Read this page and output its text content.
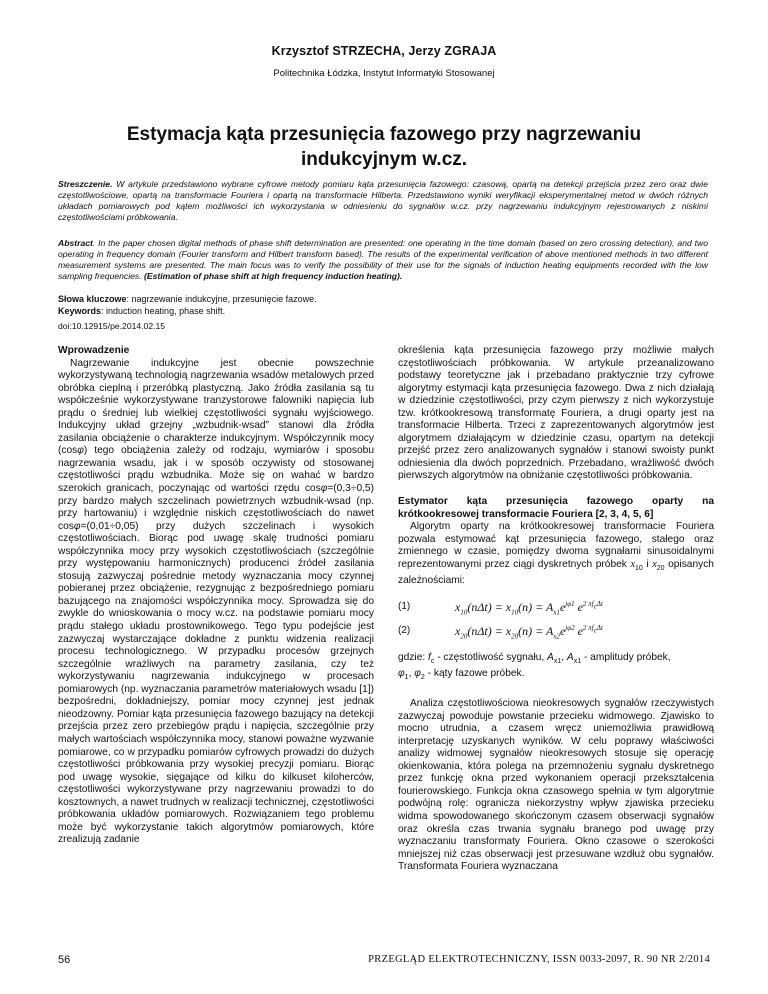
Krzysztof STRZECHA, Jerzy ZGRAJA
Politechnika Łódzka, Instytut Informatyki Stosowanej
Estymacja kąta przesunięcia fazowego przy nagrzewaniu indukcyjnym w.cz.

Streszczenie. W artykule przedstawiono wybrane cyfrowe metody pomiaru kąta przesunięcia fazowego: czasową, opartą na detekcji przejścia przez zero oraz dwie częstotliwościowe, opartą na transformacie Fouriera i opartą na transformacie Hilberta. Przedstawiono wyniki weryfikacji eksperymentalnej metod w dwóch różnych układach pomiarowych pod kątem możliwości ich wykorzystania w odniesieniu do sygnałów w.cz. przy nagrzewaniu indukcyjnym rejestrowanych z niskimi częstotliwościami próbkowania.

Abstract. In the paper chosen digital methods of phase shift determination are presented: one operating in the time domain (based on zero crossing detection), and two operating in frequency domain (Fourier transform and Hilbert transform based). The results of the experimental verification of above mentioned methods in two different measurement systems are presented. The main focus was to verify the possibility of their use for the signals of induction heating equipments recorded with the low sampling frequencies. (Estimation of phase shift at high frequency induction heating).

Słowa kluczowe: nagrzewanie indukcyjne, przesunięcie fazowe.

Keywords: induction heating, phase shift.

doi:10.12915/pe.2014.02.15
Wprowadzenie

Nagrzewanie indukcyjne jest obecnie powszechnie wykorzystywaną technologią nagrzewania wsadów metalowych przed obróbka cieplną i przeróbką plastyczną. Jako źródła zasilania są tu współcześnie wykorzystywane tranzystorowe falowniki napięcia lub prądu o średniej lub wielkiej częstotliwości sygnału wyjściowego. Indukcyjny układ grzejny „wzbudnik-wsad” stanowi dla źródła zasilania obciążenie o charakterze indukcyjnym. Współczynnik mocy (cosφ) tego obciążenia zależy od rodzaju, wymiarów i sposobu nagrzewania wsadu, jak i w sposób oczywisty od stosowanej częstotliwości prądu wzbudnika. Może się on wahać w bardzo szerokich granicach, poczynając od wartości rzędu cosφ=(0,3÷0,5) przy bardzo małych szczelinach powietrznych wzbudnik-wsad (np. przy hartowaniu) i względnie niskich częstotliwościach do nawet cosφ=(0,01÷0,05) przy dużych szczelinach i wysokich częstotliwościach. Biorąc pod uwagę skalę trudności pomiaru współczynnika mocy przy wysokich częstotliwościach (szczególnie przy występowaniu harmonicznych) producenci źródeł zasilania stosują zazwyczaj pośrednie metody wyznaczania mocy czynnej pobieranej przez obciążenie, rezygnując z bezpośredniego pomiaru bazującego na znajomości współczynnika mocy. Sprowadza się do zwykle do wnioskowania o mocy w.cz. na podstawie pomiaru mocy prądu stałego układu prostownikowego. Tego typu podejście jest zazwyczaj wystarczające dokładne z punktu widzenia realizacji procesu technologicznego. W przypadku procesów grzejnych szczególnie wrażliwych na parametry zasilania, czy też wykorzystywaniu nagrzewania indukcyjnego w procesach pomiarowych (np. wyznaczania parametrów materiałowych wsadu [1]) bezpośredni, dokładniejszy, pomiar mocy czynnej jest jednak nieodzowny. Pomiar kąta przesunięcia fazowego bazujący na detekcji przejścia przez zero przebiegów prądu i napięcia, szczególnie przy małych wartościach współczynnika mocy, stanowi poważne wyzwanie pomiarowe, co w przypadku pomiarów cyfrowych prowadzi do dużych częstotliwości próbkowania przy wysokiej precyzji pomiaru. Biorąc pod uwagę wysokie, sięgające od kilku do kilkuset kiloherców, częstotliwości wykorzystywane przy nagrzewaniu prowadzi to do kosztownych, a nawet trudnych w realizacji technicznej, częstotliwości próbkowania układów pomiarowych. Rozwiązaniem tego problemu może być wykorzystanie takich algorytmów pomiarowych, które zrealizują zadanie

określenia kąta przesunięcia fazowego przy możliwie małych częstotliwościach próbkowania. W artykule przeanalizowano podstawy teoretyczne jak i przebadano praktycznie trzy cyfrowe algorytmy estymacji kąta przesunięcia fazowego. Dwa z nich działają w dziedzinie częstotliwości, przy czym pierwszy z nich wykorzystuje tzw. krótkookresową transformatę Fouriera, a drugi oparty jest na transformacie Hilberta. Trzeci z zaprezentowanych algorytmów jest algorytmem działającym w dziedzinie czasu, opartym na detekcji przejść przez zero analizowanych sygnałów i stanowi swoisty punkt odniesienia dla dwóch poprzednich. Przebadano, wrażliwość dwóch pierwszych algorytmów na obniżanie częstotliwości próbkowania.

Estymator kąta przesunięcia fazowego oparty na krótkookresowej transformacie Fouriera [2, 3, 4, 5, 6]

Algorytm oparty na krótkookresowej transformacie Fouriera pozwala estymować kąt przesunięcia fazowego, stałego oraz zmiennego w czasie, pomiędzy dwoma sygnałami sinusoidalnymi reprezentowanymi przez ciągi dyskretnych próbek $x_{10}$ i $x_{20}$ opisanych zależnościami:

(1)	$x_{10}(n\Delta t) = x_{10}(n) = A_{x1}e^{j\varphi 1}$ $e^{2 \pi f_c\Delta t}$
(2)	$x_{20}(n\Delta t) = x_{20}(n) = A_{x2}e^{j\varphi 2}$ $e^{2 \pi f_c\Delta t}$

gdzie: $f_c$ - częstotliwość sygnału, $A_{x1}$, $A_{x1}$ - amplitudy próbek,
$\varphi_1$, $\varphi_2$ - kąty fazowe próbek.

Analiza częstotliwościowa nieokresowych sygnałów rzeczywistych zazwyczaj powoduje powstanie przecieku widmowego. Zjawisko to mocno utrudnia, a czasem wręcz uniemożliwia prawidłową interpretację uzyskanych wyników. W celu poprawy właściwości analizy widmowej sygnałów nieokresowych stosuje się operację okienkowania, która polega na przemnożeniu sygnału dyskretnego przez funkcję okna przed wykonaniem operacji przekształcenia fourierowskiego. Funkcja okna czasowego spełnia w tym algorytmie podwójną rolę: ogranicza niekorzystny wpływ zjawiska przecieku widma spowodowanego skończonym czasem obserwacji sygnałów oraz określa czas trwania sygnału branego pod uwagę przy wyznaczaniu transformaty Fouriera. Okno czasowe o szerokości mniejszej niż czas obserwacji jest przesuwane wzdłuż obu sygnałów. Transformata Fouriera wyznaczana

56	PRZEGLĄD ELEKTROTECHNICZNY, ISSN 0033-2097, R. 90 NR 2/2014
